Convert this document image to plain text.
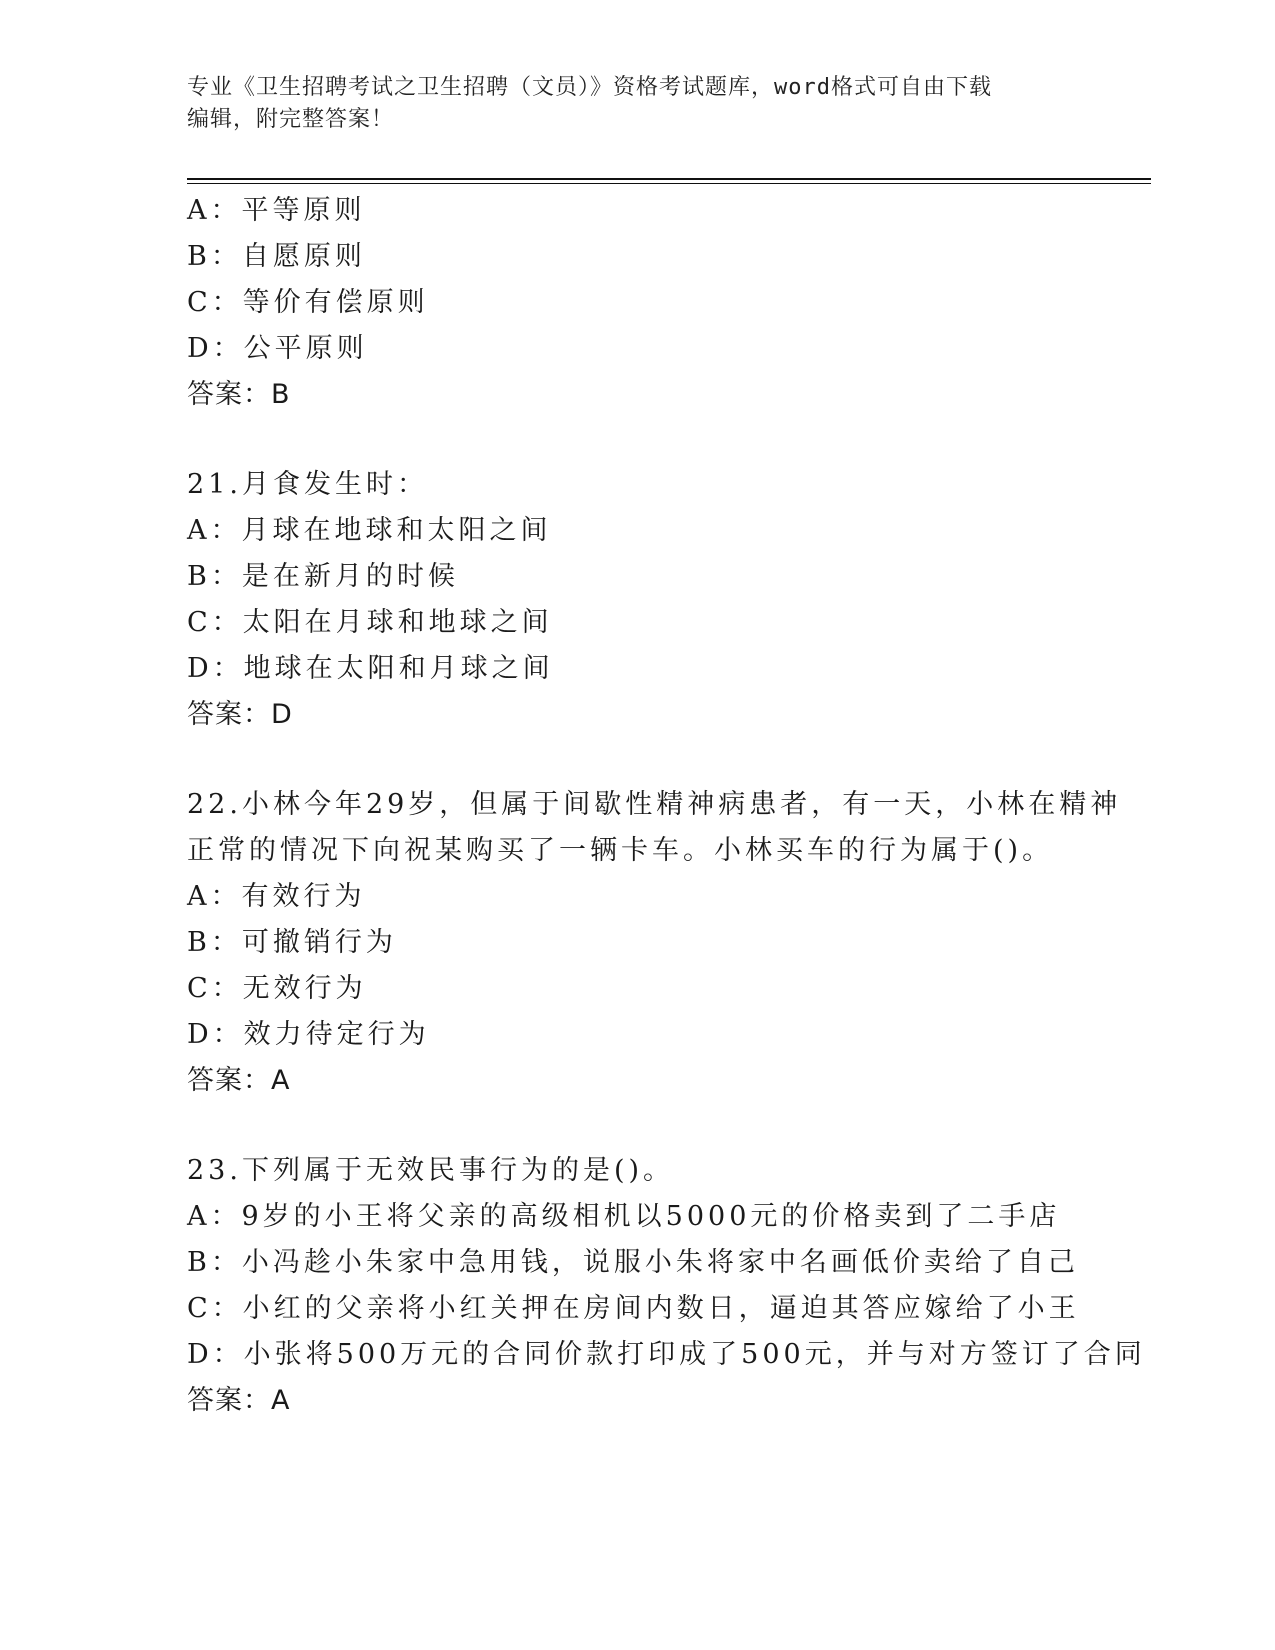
专业《卫生招聘考试之卫生招聘（文员）》资格考试题库，word格式可自由下载
编辑，附完整答案！
A：平等原则
B：自愿原则
C：等价有偿原则
D：公平原则
答案：B
21.月食发生时：
A：月球在地球和太阳之间
B：是在新月的时候
C：太阳在月球和地球之间
D：地球在太阳和月球之间
答案：D
22.小林今年29岁，但属于间歇性精神病患者，有一天，小林在精神
正常的情况下向祝某购买了一辆卡车。小林买车的行为属于()。
A：有效行为
B：可撤销行为
C：无效行为
D：效力待定行为
答案：A
23.下列属于无效民事行为的是()。
A：9岁的小王将父亲的高级相机以5000元的价格卖到了二手店
B：小冯趁小朱家中急用钱，说服小朱将家中名画低价卖给了自己
C：小红的父亲将小红关押在房间内数日，逼迫其答应嫁给了小王
D：小张将500万元的合同价款打印成了500元，并与对方签订了合同
答案：A
